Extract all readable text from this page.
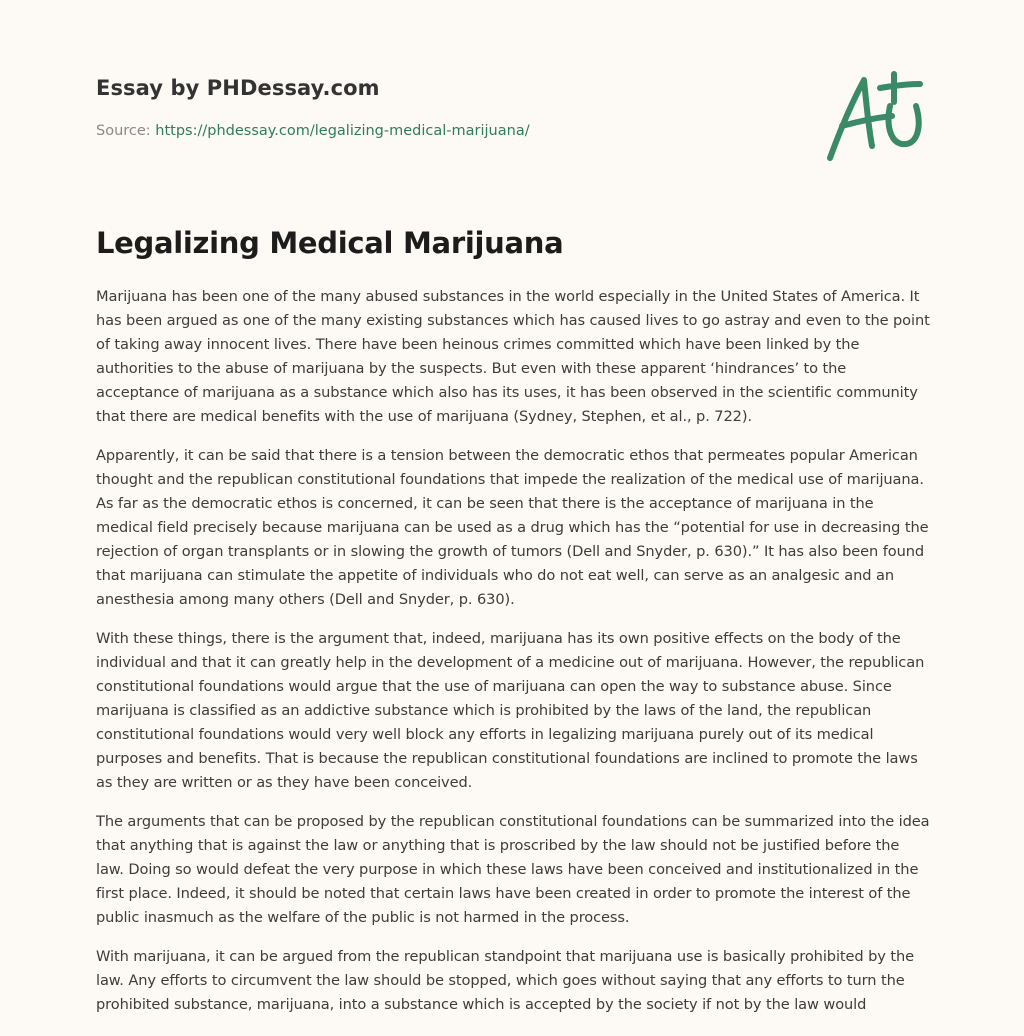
Essay by PHDessay.com
Source: https://phdessay.com/legalizing-medical-marijuana/
Legalizing Medical Marijuana

Marijuana has been one of the many abused substances in the world especially in the United States of America. It has been argued as one of the many existing substances which has caused lives to go astray and even to the point of taking away innocent lives. There have been heinous crimes committed which have been linked by the authorities to the abuse of marijuana by the suspects. But even with these apparent ‘hindrances’ to the acceptance of marijuana as a substance which also has its uses, it has been observed in the scientific community that there are medical benefits with the use of marijuana (Sydney, Stephen, et al., p. 722).

Apparently, it can be said that there is a tension between the democratic ethos that permeates popular American thought and the republican constitutional foundations that impede the realization of the medical use of marijuana. As far as the democratic ethos is concerned, it can be seen that there is the acceptance of marijuana in the medical field precisely because marijuana can be used as a drug which has the “potential for use in decreasing the rejection of organ transplants or in slowing the growth of tumors (Dell and Snyder, p. 630).” It has also been found that marijuana can stimulate the appetite of individuals who do not eat well, can serve as an analgesic and an anesthesia among many others (Dell and Snyder, p. 630).

With these things, there is the argument that, indeed, marijuana has its own positive effects on the body of the individual and that it can greatly help in the development of a medicine out of marijuana. However, the republican constitutional foundations would argue that the use of marijuana can open the way to substance abuse. Since marijuana is classified as an addictive substance which is prohibited by the laws of the land, the republican constitutional foundations would very well block any efforts in legalizing marijuana purely out of its medical purposes and benefits. That is because the republican constitutional foundations are inclined to promote the laws as they are written or as they have been conceived.

The arguments that can be proposed by the republican constitutional foundations can be summarized into the idea that anything that is against the law or anything that is proscribed by the law should not be justified before the law. Doing so would defeat the very purpose in which these laws have been conceived and institutionalized in the first place. Indeed, it should be noted that certain laws have been created in order to promote the interest of the public inasmuch as the welfare of the public is not harmed in the process.

With marijuana, it can be argued from the republican standpoint that marijuana use is basically prohibited by the law. Any efforts to circumvent the law should be stopped, which goes without saying that any efforts to turn the prohibited substance, marijuana, into a substance which is accepted by the society if not by the law would
